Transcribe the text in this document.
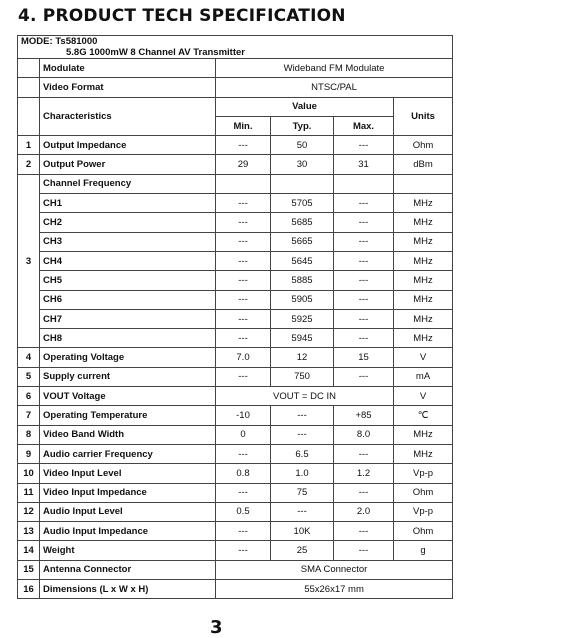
4. PRODUCT TECH SPECIFICATION
MODE: Ts581000
5.8G 1000mW 8 Channel AV Transmitter					

	Modulate	Wideband FM Modulate			
	Video Format	NTSC/PAL			
	Characteristics	Value			Units
		Min.	Typ.	Max.	
1	Output Impedance	---	50	---	Ohm
2	Output Power	29	30	31	dBm
3	Channel Frequency				
	CH1	---	5705	---	MHz
	CH2	---	5685	---	MHz
	CH3	---	5665	---	MHz
	CH4	---	5645	---	MHz
	CH5	---	5885	---	MHz
	CH6	---	5905	---	MHz
	CH7	---	5925	---	MHz
	CH8	---	5945	---	MHz
4	Operating Voltage	7.0	12	15	V
5	Supply current	---	750	---	mA
6	VOUT Voltage	VOUT = DC IN			V
7	Operating Temperature	-10	---	+85	℃
8	Video Band Width	0	---	8.0	MHz
9	Audio carrier Frequency	---	6.5	---	MHz
10	Video Input Level	0.8	1.0	1.2	Vp-p
11	Video Input Impedance	---	75	---	Ohm
12	Audio Input Level	0.5	---	2.0	Vp-p
13	Audio Input Impedance	---	10K	---	Ohm
14	Weight	---	25	---	g
15	Antenna Connector	SMA Connector			
16	Dimensions (L x W x H)	55x26x17 mm			
3
